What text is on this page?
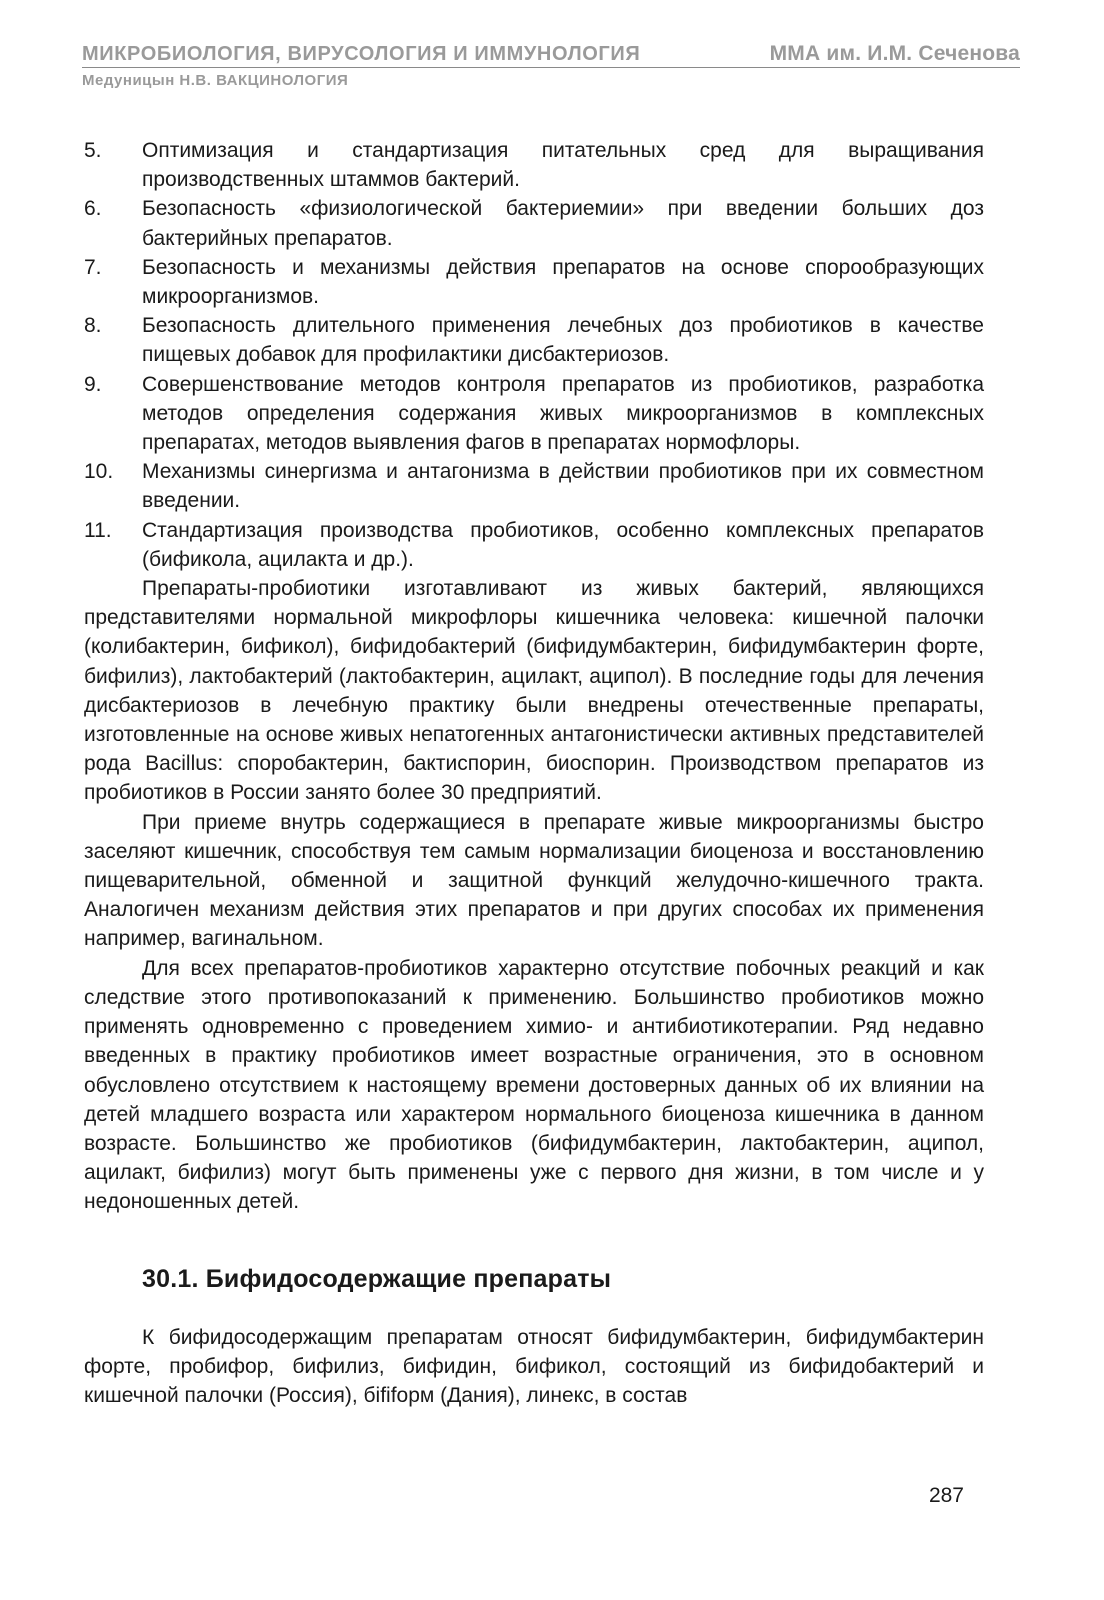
МИКРОБИОЛОГИЯ, ВИРУСОЛОГИЯ И ИММУНОЛОГИЯ	ММА им. И.М. Сеченова
Медуницын Н.В. ВАКЦИНОЛОГИЯ
5.	Оптимизация и стандартизация питательных сред для выращивания производственных штаммов бактерий.
6.	Безопасность «физиологической бактериемии» при введении больших доз бактерийных препаратов.
7.	Безопасность и механизмы действия препаратов на основе спорообразующих микроорганизмов.
8.	Безопасность длительного применения лечебных доз пробиотиков в качестве пищевых добавок для профилактики дисбактериозов.
9.	Совершенствование методов контроля препаратов из пробиотиков, разработка методов определения содержания живых микроорганизмов в комплексных препаратах, методов выявления фагов в препаратах нормофлоры.
10.	Механизмы синергизма и антагонизма в действии пробиотиков при их совместном введении.
11.	Стандартизация производства пробиотиков, особенно комплексных препаратов (бификола, ацилакта и др.).

Препараты-пробиотики изготавливают из живых бактерий, являющихся представителями нормальной микрофлоры кишечника человека: кишечной палочки (колибактерин, бификол), бифидобактерий (бифидумбактерин, бифидумбактерин форте, бифилиз), лактобактерий (лактобактерин, ацилакт, аципол). В последние годы для лечения дисбактериозов в лечебную практику были внедрены отечественные препараты, изготовленные на основе живых непатогенных антагонистически активных представителей рода Bacillus: споробактерин, бактиспорин, биоспорин. Производством препаратов из пробиотиков в России занято более 30 предприятий.

При приеме внутрь содержащиеся в препарате живые микроорганизмы быстро заселяют кишечник, способствуя тем самым нормализации биоценоза и восстановлению пищеварительной, обменной и защитной функций желудочно-кишечного тракта. Аналогичен механизм действия этих препаратов и при других способах их применения например, вагинальном.

Для всех препаратов-пробиотиков характерно отсутствие побочных реакций и как следствие этого противопоказаний к применению. Большинство пробиотиков можно применять одновременно с проведением химио- и антибиотикотерапии. Ряд недавно введенных в практику пробиотиков имеет возрастные ограничения, это в основном обусловлено отсутствием к настоящему времени достоверных данных об их влиянии на детей младшего возраста или характером нормального биоценоза кишечника в данном возрасте. Большинство же пробиотиков (бифидумбактерин, лактобактерин, аципол, ацилакт, бифилиз) могут быть применены уже с первого дня жизни, в том числе и у недоношенных детей.

30.1. Бифидосодержащие препараты

К бифидосодержащим препаратам относят бифидумбактерин, бифидумбактерин форте, пробифор, бифилиз, бифидин, бификол, состоящий из бифидобактерий и кишечной палочки (Россия), бififорм (Дания), линекс, в состав

287
